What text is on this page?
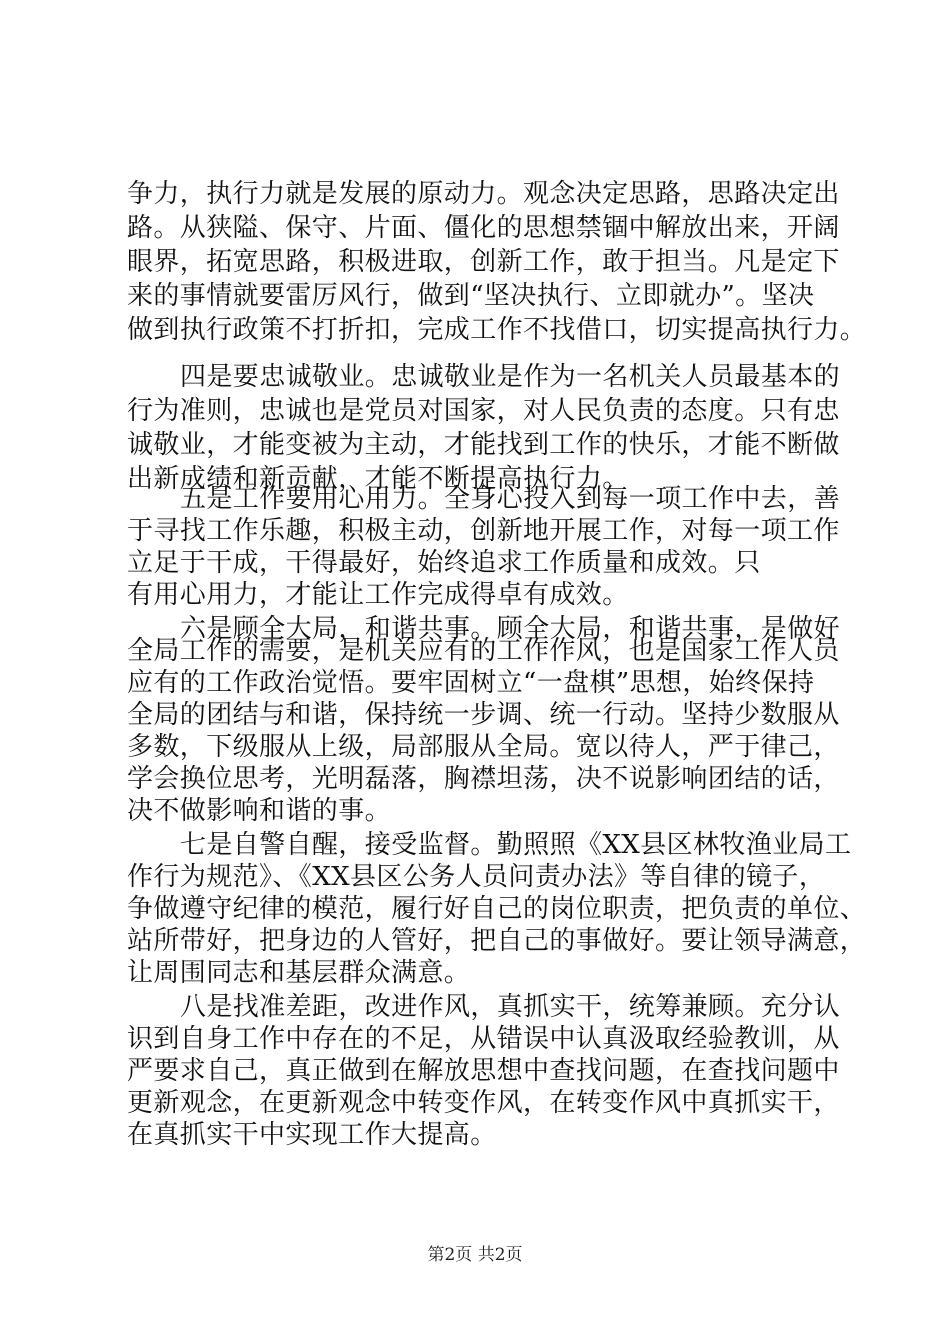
争力，执行力就是发展的原动力。观念决定思路，思路决定出
路。从狭隘、保守、片面、僵化的思想禁锢中解放出来，开阔
眼界，拓宽思路，积极进取，创新工作，敢于担当。凡是定下
来的事情就要雷厉风行，做到“坚决执行、立即就办”。坚决
做到执行政策不打折扣，完成工作不找借口，切实提高执行力。
四是要忠诚敬业。忠诚敬业是作为一名机关人员最基本的
行为准则，忠诚也是党员对国家，对人民负责的态度。只有忠
诚敬业，才能变被为主动，才能找到工作的快乐，才能不断做
出新成绩和新贡献，才能不断提高执行力。
五是工作要用心用力。全身心投入到每一项工作中去，善
于寻找工作乐趣，积极主动，创新地开展工作，对每一项工作
立足于干成，干得最好，始终追求工作质量和成效。只
有用心用力，才能让工作完成得卓有成效。
六是顾全大局，和谐共事。顾全大局，和谐共事，是做好
全局工作的需要，是机关应有的工作作风，也是国家工作人员
应有的工作政治觉悟。要牢固树立“一盘棋”思想，始终保持
全局的团结与和谐，保持统一步调、统一行动。坚持少数服从
多数，下级服从上级，局部服从全局。宽以待人，严于律己，
学会换位思考，光明磊落，胸襟坦荡，决不说影响团结的话，
决不做影响和谐的事。
七是自警自醒，接受监督。勤照照《XX县区林牧渔业局工
作行为规范》、《XX县区公务人员问责办法》等自律的镜子，
争做遵守纪律的模范，履行好自己的岗位职责，把负责的单位、
站所带好，把身边的人管好，把自己的事做好。要让领导满意，
让周围同志和基层群众满意。
八是找准差距，改进作风，真抓实干，统筹兼顾。充分认
识到自身工作中存在的不足，从错误中认真汲取经验教训，从
严要求自己，真正做到在解放思想中查找问题，在查找问题中
更新观念，在更新观念中转变作风，在转变作风中真抓实干，
在真抓实干中实现工作大提高。
第2页 共2页
